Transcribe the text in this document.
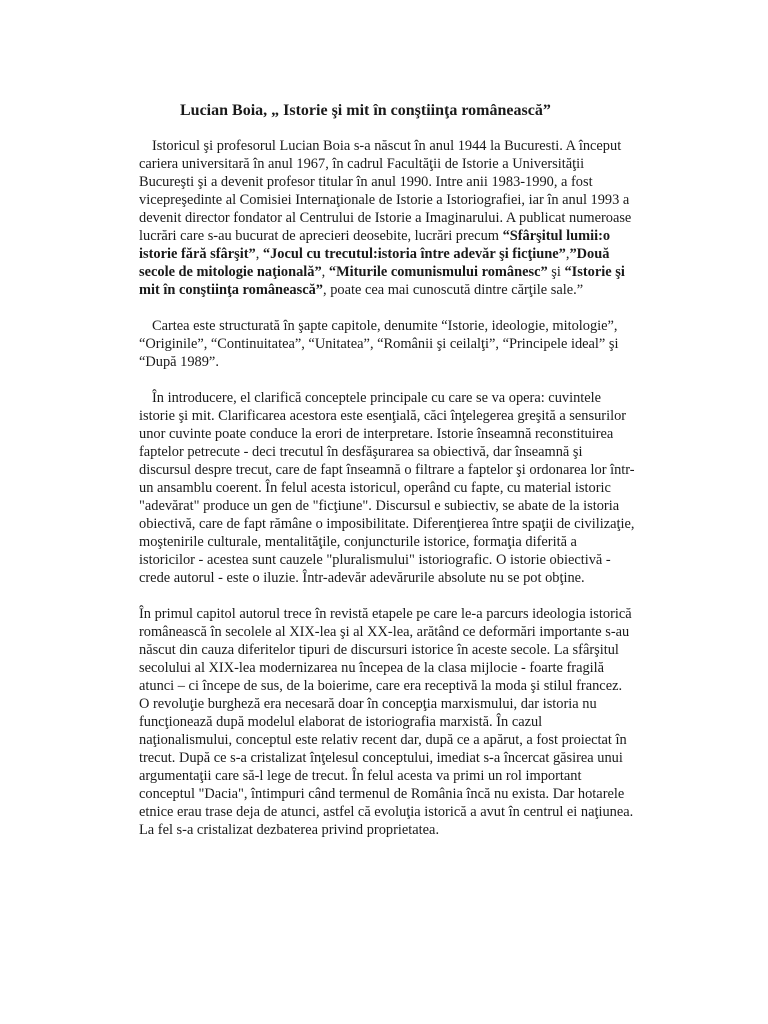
Lucian Boia, „ Istorie şi mit în conştiinţa românească”

Istoricul şi profesorul Lucian Boia s-a născut în anul 1944 la Bucuresti. A început cariera universitară în anul 1967, în cadrul Facultăţii de Istorie a Universităţii Bucureşti şi a devenit profesor titular în anul 1990. Intre anii 1983-1990, a fost vicepreşedinte al Comisiei Internaţionale de Istorie a Istoriografiei, iar în anul 1993 a devenit director fondator al Centrului de Istorie a Imaginarului. A publicat numeroase lucrări care s-au bucurat de aprecieri deosebite, lucrări precum “Sfârşitul lumii:o istorie fără sfârşit”, “Jocul cu trecutul:istoria între adevăr şi ficţiune”,”Două secole de mitologie naţională”, “Miturile comunismului românesc” şi “Istorie şi mit în conştiinţa românească”, poate cea mai cunoscută dintre cărţile sale.”

Cartea este structurată în şapte capitole, denumite “Istorie, ideologie, mitologie”, “Originile”, “Continuitatea”, “Unitatea”, “Românii şi ceilalţi”, “Principele ideal” şi “După 1989”.

În introducere, el clarifică conceptele principale cu care se va opera: cuvintele istorie şi mit. Clarificarea acestora este esenţială, căci înţelegerea greşită a sensurilor unor cuvinte poate conduce la erori de interpretare. Istorie înseamnă reconstituirea faptelor petrecute - deci trecutul în desfăşurarea sa obiectivă, dar înseamnă şi discursul despre trecut, care de fapt înseamnă o filtrare a faptelor şi ordonarea lor într-un ansamblu coerent. În felul acesta istoricul, operând cu fapte, cu material istoric "adevărat" produce un gen de "ficţiune". Discursul e subiectiv, se abate de la istoria obiectivă, care de fapt rămâne o imposibilitate. Diferenţierea între spaţii de civilizaţie, moştenirile culturale, mentalităţile, conjuncturile istorice, formaţia diferită a istoricilor - acestea sunt cauzele "pluralismului" istoriografic. O istorie obiectivă - crede autorul - este o iluzie. Într-adevăr adevărurile absolute nu se pot obţine.

În primul capitol autorul trece în revistă etapele pe care le-a parcurs ideologia istorică românească în secolele al XIX-lea şi al XX-lea, arătând ce deformări importante s-au născut din cauza diferitelor tipuri de discursuri istorice în aceste secole. La sfârşitul secolului al XIX-lea modernizarea nu începea de la clasa mijlocie - foarte fragilă atunci – ci începe de sus, de la boierime, care era receptivă la moda şi stilul francez. O revoluţie burgheză era necesară doar în concepţia marxismului, dar istoria nu funcţionează după modelul elaborat de istoriografia marxistă. În cazul naţionalismului, conceptul este relativ recent dar, după ce a apărut, a fost proiectat în trecut. După ce s-a cristalizat înţelesul conceptului, imediat s-a încercat găsirea unui argumentaţii care să-l lege de trecut. În felul acesta va primi un rol important conceptul "Dacia", întimpuri când termenul de România încă nu exista. Dar hotarele etnice erau trase deja de atunci, astfel că evoluţia istorică a avut în centrul ei naţiunea. La fel s-a cristalizat dezbaterea privind proprietatea.
